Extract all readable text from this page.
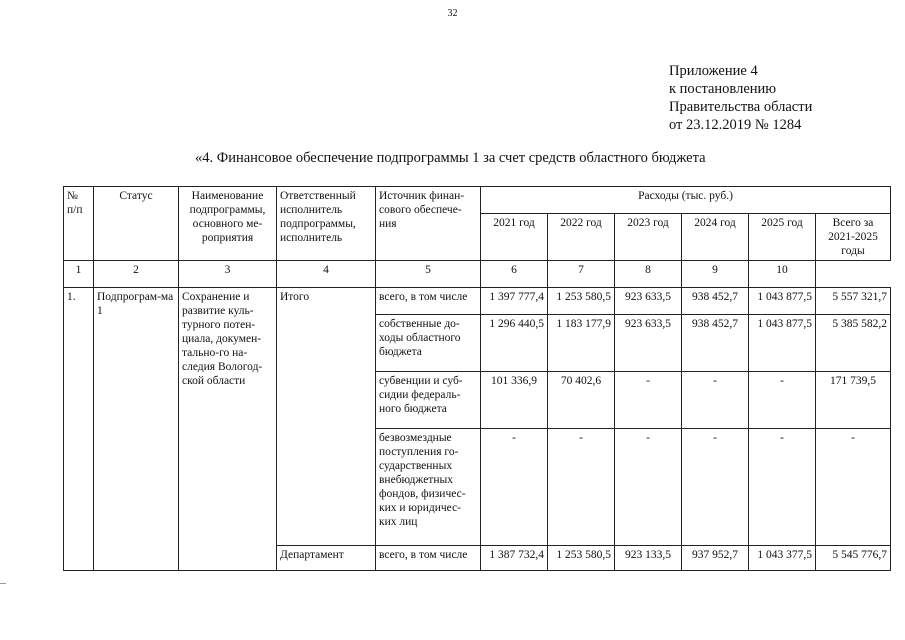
32
Приложение 4
к постановлению
Правительства области
от 23.12.2019 № 1284
«4. Финансовое обеспечение подпрограммы 1 за счет средств областного бюджета
№ п/п	Статус	Наименование подпрограммы, основного ме-роприятия	Ответственный исполнитель подпрограммы, исполнитель	Источник финан-сового обеспече-ния	Расходы (тыс. руб.)					
					2021 год	2022 год	2023 год	2024 год	2025 год	Всего за 2021-2025 годы
1	2	3	4	5	6	7	8	9	10	
1.	Подпрограм-ма 1	Сохранение и развитие куль-турного потен-циала, докумен-тально-го на-следия Вологод-ской области	Итого	всего, в том числе	1 397 777,4	1 253 580,5	923 633,5	938 452,7	1 043 877,5	5 557 321,7
				собственные до-ходы областного бюджета	1 296 440,5	1 183 177,9	923 633,5	938 452,7	1 043 877,5	5 385 582,2
				субвенции и суб-сидии федераль-ного бюджета	101 336,9	70 402,6	-	-	-	171 739,5
				безвозмездные поступления го-сударственных внебюджетных фондов, физичес-ких и юридичес-ких лиц	-	-	-	-	-	-
			Департамент	всего, в том числе	1 387 732,4	1 253 580,5	923 133,5	937 952,7	1 043 377,5	5 545 776,7
